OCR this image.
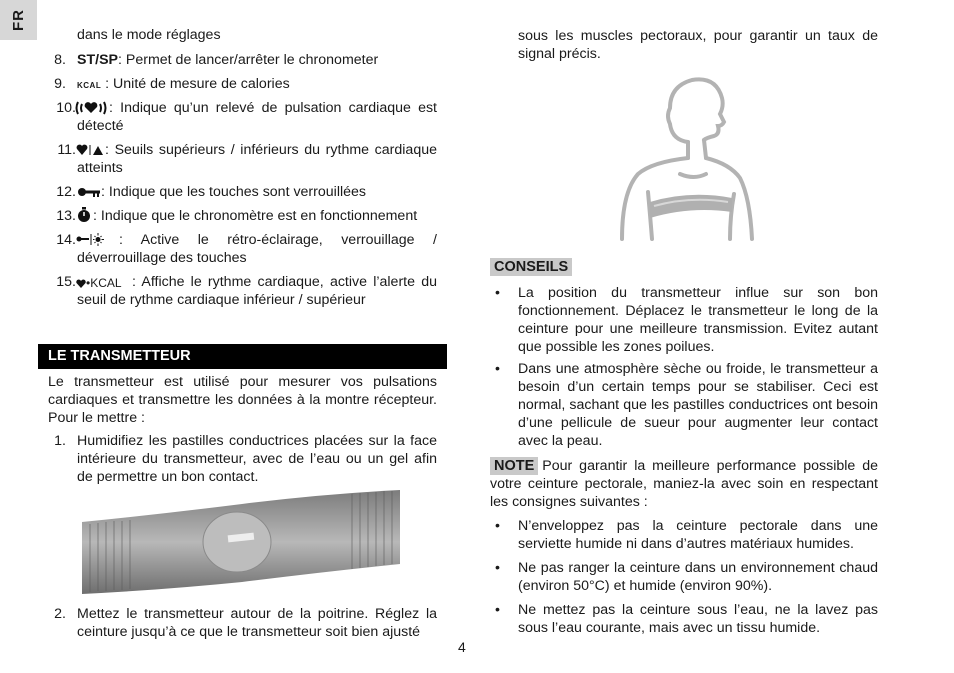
FR
dans le mode réglages
8. ST/SP: Permet de lancer/arrêter le chronometer
9. KCAL : Unité de mesure de calories
10.	: Indique qu’un relevé de pulsation cardiaque est détecté
11.	: Seuils supérieurs / inférieurs du rythme cardiaque atteints
12.	: Indique que les touches sont verrouillées
13.	: Indique que le chronomètre est en fonctionnement
14.	: Active le rétro-éclairage, verrouillage / déverrouillage des touches
15.	: Affiche le rythme cardiaque, active l’alerte du seuil de rythme cardiaque inférieur / supérieur
•KCAL
LE TRANSMETTEUR
Le transmetteur est utilisé pour mesurer vos pulsations cardiaques et transmettre les données à la montre récepteur. Pour le mettre :
1. Humidifiez les pastilles conductrices placées sur la face intérieure du transmetteur, avec de l’eau ou un gel afin de permettre un bon contact.
2. Mettez le transmetteur autour de la poitrine. Réglez la ceinture jusqu’à ce que le transmetteur soit bien ajusté
sous les muscles pectoraux, pour garantir un taux de signal précis.
CONSEILS
• La position du transmetteur influe sur son bon fonctionnement. Déplacez le transmetteur le long de la ceinture pour une meilleure transmission. Evitez autant que possible les zones poilues.
• Dans une atmosphère sèche ou froide, le transmetteur a besoin d’un certain temps pour se stabiliser. Ceci est normal, sachant que les pastilles conductrices ont besoin d’une pellicule de sueur pour augmenter leur contact avec la peau.
NOTE Pour garantir la meilleure performance possible de votre ceinture pectorale, maniez-la avec soin en respectant les consignes suivantes :
• N’enveloppez pas la ceinture pectorale dans une serviette humide ni dans d’autres matériaux humides.
• Ne pas ranger la ceinture dans un environnement chaud (environ 50°C) et humide (environ 90%).
• Ne mettez pas la ceinture sous l’eau, ne la lavez pas sous l’eau courante, mais avec un tissu humide.
4
